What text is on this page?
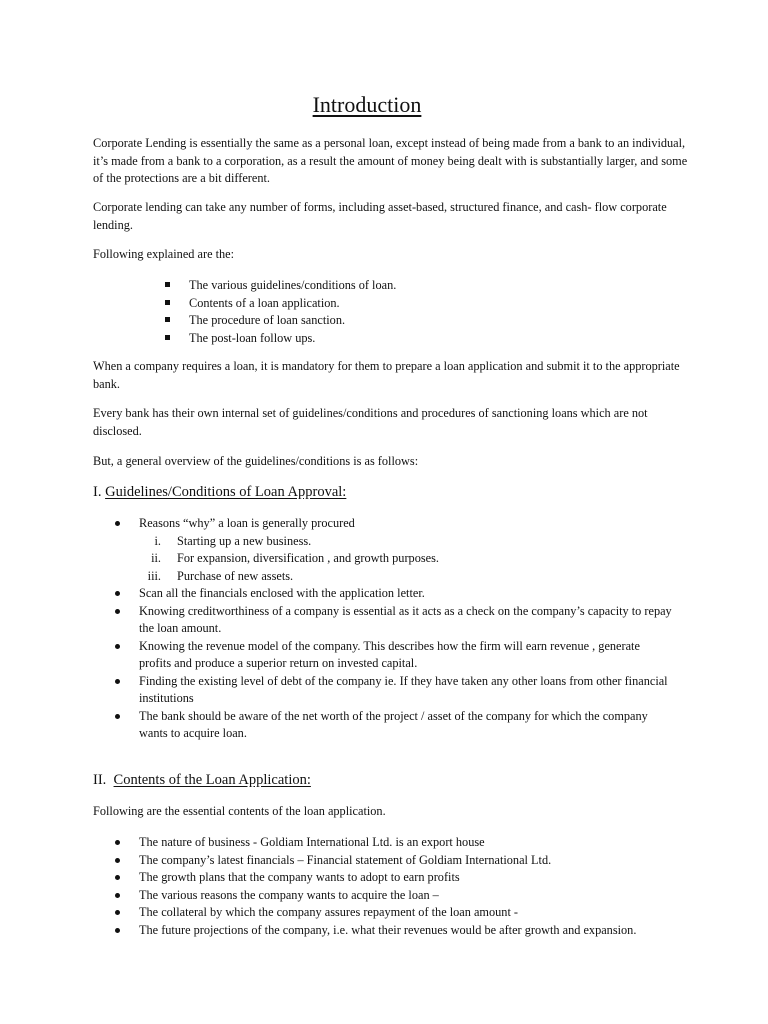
Introduction

Corporate Lending is essentially the same as a personal loan, except instead of being made from a bank to an individual, it’s made from a bank to a corporation, as a result the amount of money being dealt with is substantially larger, and some of the protections are a bit different.

Corporate lending can take any number of forms, including asset-based, structured finance, and cash- flow corporate lending.

Following explained are the:

The various guidelines/conditions of loan.
Contents of a loan application.
The procedure of loan sanction.
The post-loan follow ups.

When a company requires a loan, it is mandatory for them to prepare a loan application and submit it to the appropriate bank.

Every bank has their own internal set of guidelines/conditions and procedures of sanctioning loans which are not disclosed.

But, a general overview of the guidelines/conditions is as follows:

I. Guidelines/Conditions of Loan Approval:
Reasons “why” a loan is generally procured
i. Starting up a new business.
ii. For expansion, diversification , and growth purposes.
iii. Purchase of new assets.
Scan all the financials enclosed with the application letter.
Knowing creditworthiness of a company is essential as it acts as a check on the company’s capacity to repay the loan amount.
Knowing the revenue model of the company. This describes how the firm will earn revenue , generate profits and produce a superior return on invested capital.
Finding the existing level of debt of the company ie. If they have taken any other loans from other financial institutions
The bank should be aware of the net worth of the project / asset of the company for which the company wants to acquire loan.
II. Contents of the Loan Application:

Following are the essential contents of the loan application.

The nature of business - Goldiam International Ltd. is an export house
The company’s latest financials – Financial statement of Goldiam International Ltd.
The growth plans that the company wants to adopt to earn profits
The various reasons the company wants to acquire the loan –
The collateral by which the company assures repayment of the loan amount -
The future projections of the company, i.e. what their revenues would be after growth and expansion.
